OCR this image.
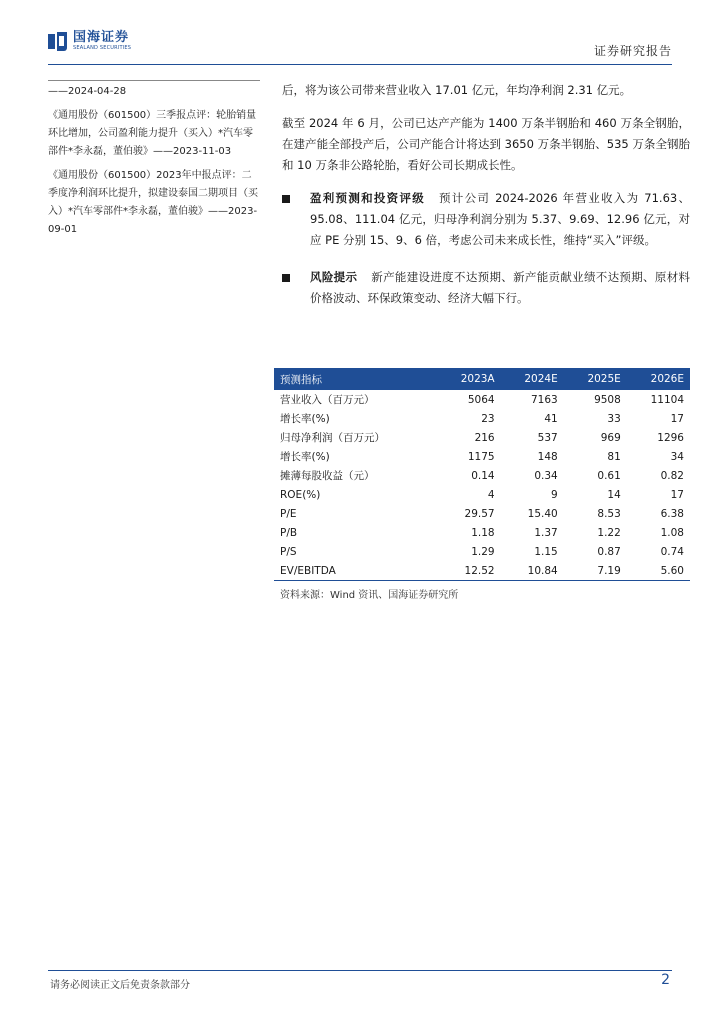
国海证券
SEALAND SECURITIES	证券研究报告

——2024-04-28

《通用股份（601500）三季报点评：轮胎销量环比增加，公司盈利能力提升（买入）*汽车零部件*李永磊，董伯骏》——2023-11-03

《通用股份（601500）2023年中报点评：二季度净利润环比提升，拟建设泰国二期项目（买入）*汽车零部件*李永磊，董伯骏》——2023-09-01

后，将为该公司带来营业收入 17.01 亿元，年均净利润 2.31 亿元。

截至 2024 年 6 月，公司已达产产能为 1400 万条半钢胎和 460 万条全钢胎，在建产能全部投产后，公司产能合计将达到 3650 万条半钢胎、535 万条全钢胎和 10 万条非公路轮胎，看好公司长期成长性。

盈利预测和投资评级 预计公司 2024-2026 年营业收入为 71.63、95.08、111.04 亿元，归母净利润分别为 5.37、9.69、12.96 亿元，对应 PE 分别 15、9、6 倍，考虑公司未来成长性，维持“买入”评级。

风险提示 新产能建设进度不达预期、新产能贡献业绩不达预期、原材料价格波动、环保政策变动、经济大幅下行。

预测指标	2023A	2024E	2025E	2026E
营业收入（百万元）	5064	7163	9508	11104
增长率(%)	23	41	33	17
归母净利润（百万元）	216	537	969	1296
增长率(%)	1175	148	81	34
摊薄每股收益（元）	0.14	0.34	0.61	0.82
ROE(%)	4	9	14	17
P/E	29.57	15.40	8.53	6.38
P/B	1.18	1.37	1.22	1.08
P/S	1.29	1.15	0.87	0.74
EV/EBITDA	12.52	10.84	7.19	5.60
资料来源：Wind 资讯、国海证券研究所
请务必阅读正文后免责条款部分	2
